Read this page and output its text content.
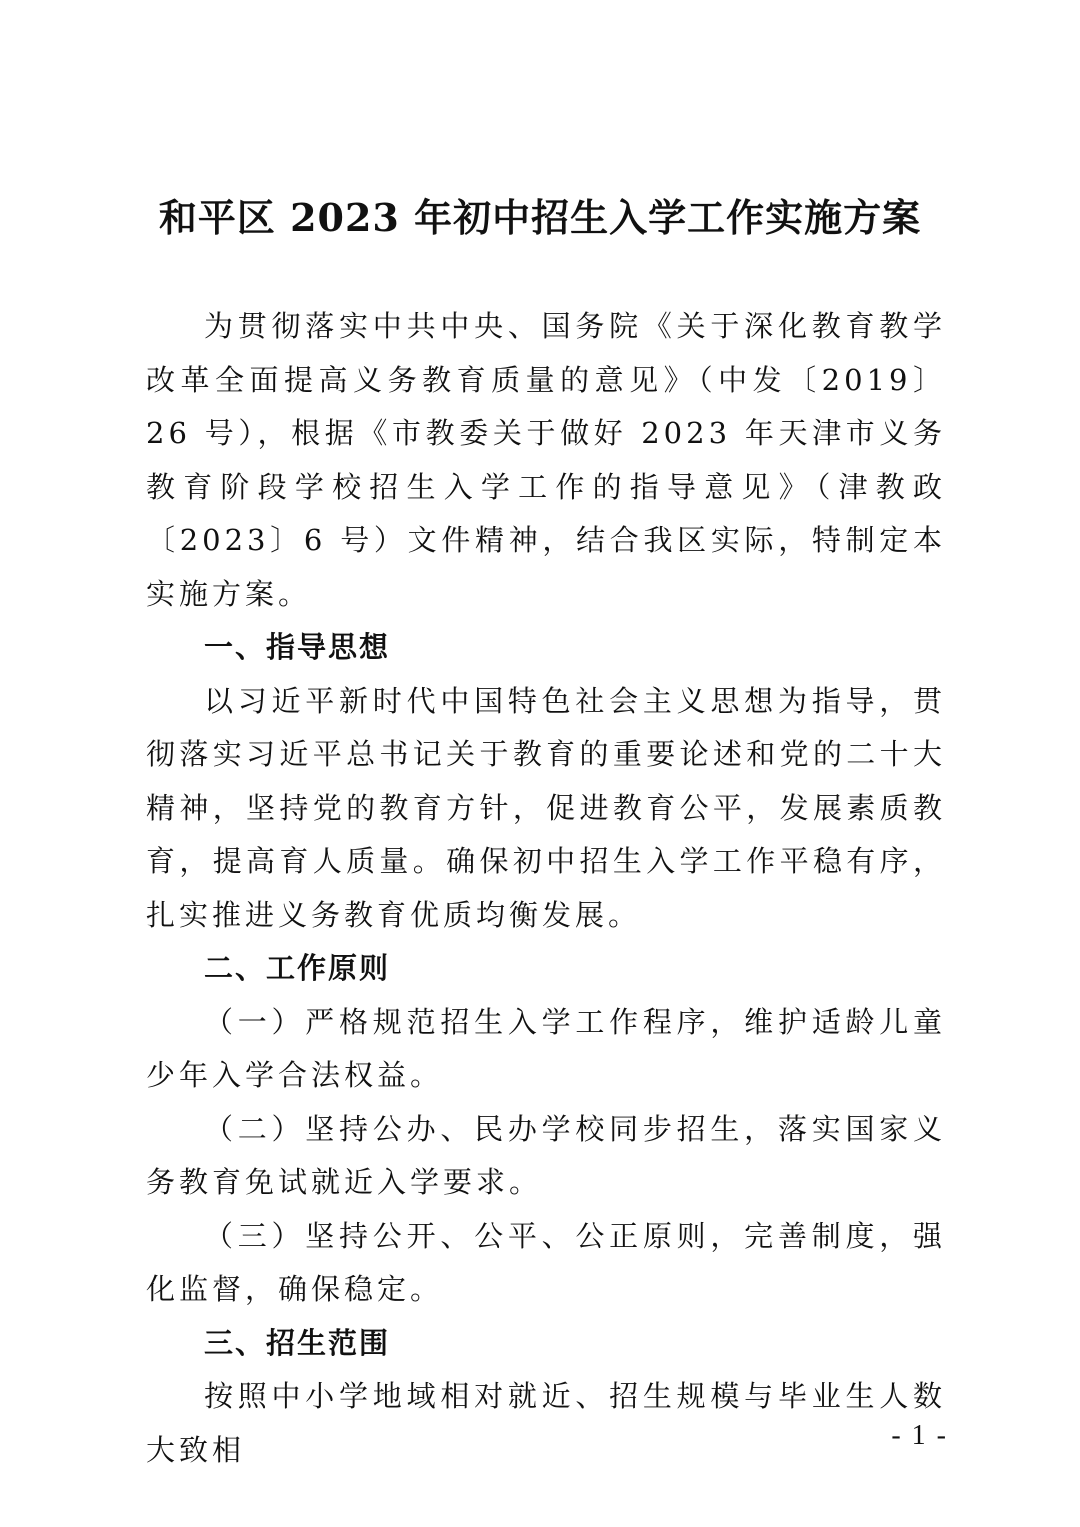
和平区 2023 年初中招生入学工作实施方案

为贯彻落实中共中央、国务院《关于深化教育教学改革全面提高义务教育质量的意见》（中发〔2019〕26 号），根据《市教委关于做好 2023 年天津市义务教育阶段学校招生入学工作的指导意见》（津教政〔2023〕6 号）文件精神，结合我区实际，特制定本实施方案。

一、指导思想

以习近平新时代中国特色社会主义思想为指导，贯彻落实习近平总书记关于教育的重要论述和党的二十大精神，坚持党的教育方针，促进教育公平，发展素质教育，提高育人质量。确保初中招生入学工作平稳有序，扎实推进义务教育优质均衡发展。

二、工作原则

（一）严格规范招生入学工作程序，维护适龄儿童少年入学合法权益。

（二）坚持公办、民办学校同步招生，落实国家义务教育免试就近入学要求。

（三）坚持公开、公平、公正原则，完善制度，强化监督，确保稳定。

三、招生范围

按照中小学地域相对就近、招生规模与毕业生人数大致相	- 1 -
